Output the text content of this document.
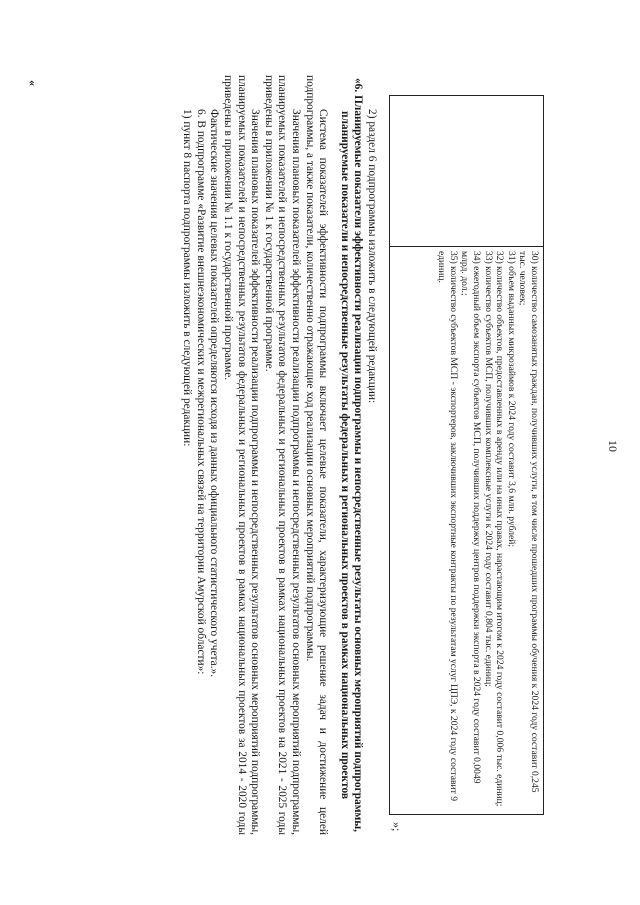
10

30) количество самозанятых граждан, получивших услуги, в том числе прошедших программы обучения к 2024 году составит 0,245 тыс. человек;

31) объем выданных микрозаймов к 2024 году составит 3,6 млн. рублей;

32) количество объектов, предоставленных в аренду или на иных правах, нарастающим итогом к 2024 году составит 0,006 тыс. единиц;

33) количество субъектов МСП, получивших комплексные услуги к 2024 году составит 0,804 тыс. единиц;

34) ежегодный объем экспорта субъектов МСП, получивших поддержку центров поддержки экспорта в 2024 году составит 0,0049 млрд. дол.;

35) количество субъектов МСП - экспортеров, заключивших экспортные контракты по результатам услуг ЦПЭ, к 2024 году составит 9 единиц.

»;

2) раздел 6 подпрограммы изложить в следующей редакции:

«6. Планируемые показатели эффективности реализации подпрограммы и непосредственные результаты основных мероприятий подпрограммы, планируемые показатели и непосредственные результаты федеральных и региональных проектов в рамках национальных проектов

Система показателей эффективности подпрограммы включает целевые показатели, характеризующие решение задач и достижение целей подпрограммы, а также показатели, количественно отражающие ход реализации основных мероприятий подпрограммы.

Значения плановых показателей эффективности реализации подпрограммы и непосредственных результатов основных мероприятий подпрограммы, планируемых показателей и непосредственных результатов федеральных и региональных проектов в рамках национальных проектов на 2021 - 2025 годы приведены в приложении № 1 к государственной программе.

Значения плановых показателей эффективности реализации подпрограммы и непосредственных результатов основных мероприятий подпрограммы, планируемых показателей и непосредственных результатов федеральных и региональных проектов в рамках национальных проектов за 2014 - 2020 годы приведены в приложении № 1.1 к государственной программе.

Фактические значения целевых показателей определяются исходя из данных официального статистического учета.».

6. В подпрограмме «Развитие внешнеэкономических и межрегиональных связей на территории Амурской области»:

1) пункт 8 паспорта подпрограммы изложить в следующей редакции:

«
